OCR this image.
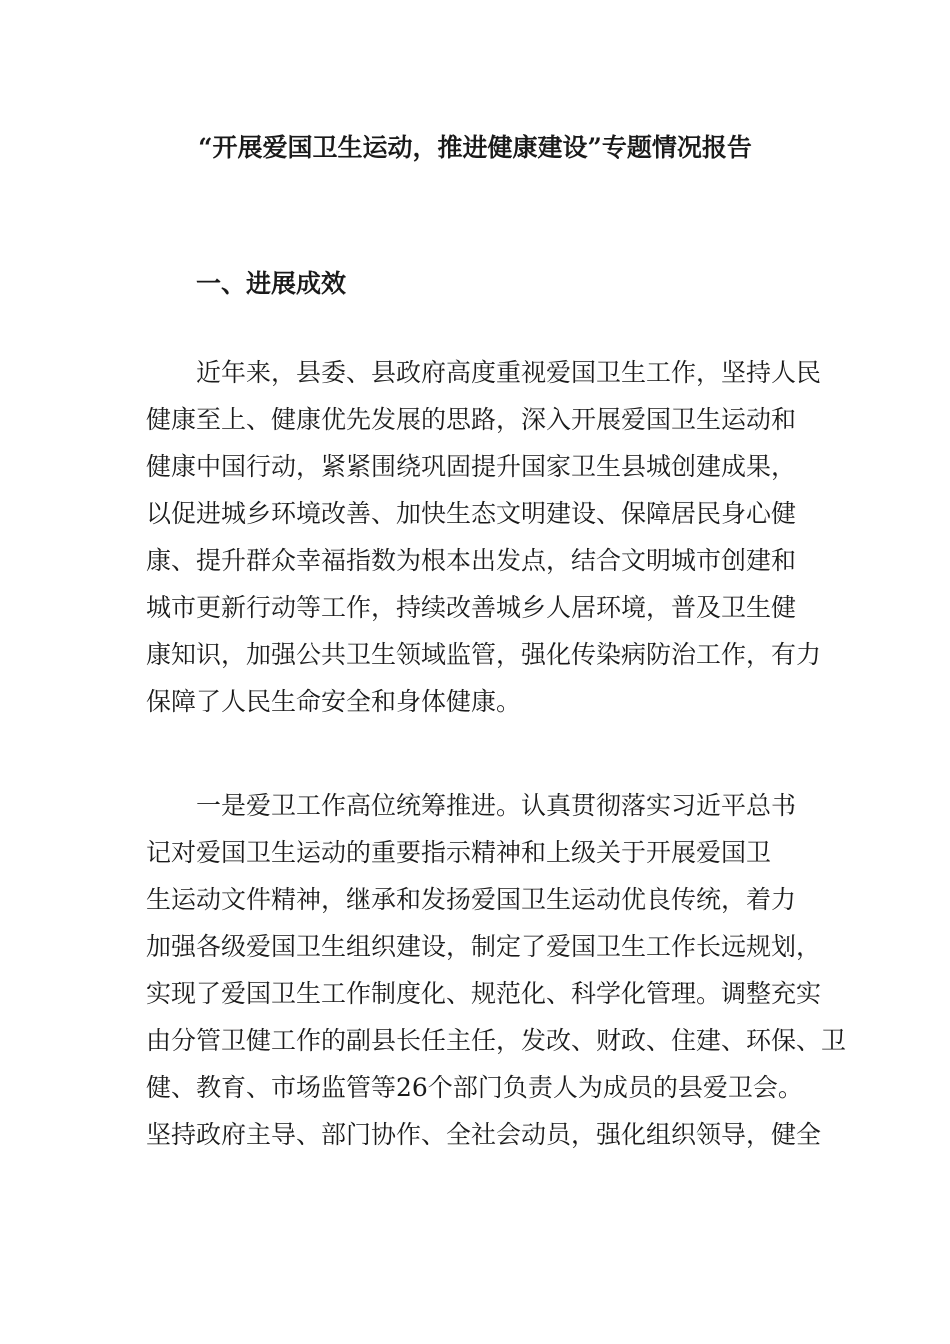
“开展爱国卫生运动，推进健康建设”专题情况报告
一、进展成效
近年来，县委、县政府高度重视爱国卫生工作，坚持人民
健康至上、健康优先发展的思路，深入开展爱国卫生运动和
健康中国行动，紧紧围绕巩固提升国家卫生县城创建成果，
以促进城乡环境改善、加快生态文明建设、保障居民身心健
康、提升群众幸福指数为根本出发点，结合文明城市创建和
城市更新行动等工作，持续改善城乡人居环境，普及卫生健
康知识，加强公共卫生领域监管，强化传染病防治工作，有力
保障了人民生命安全和身体健康。
一是爱卫工作高位统筹推进。认真贯彻落实习近平总书
记对爱国卫生运动的重要指示精神和上级关于开展爱国卫
生运动文件精神，继承和发扬爱国卫生运动优良传统，着力
加强各级爱国卫生组织建设，制定了爱国卫生工作长远规划，
实现了爱国卫生工作制度化、规范化、科学化管理。调整充实
由分管卫健工作的副县长任主任，发改、财政、住建、环保、卫
健、教育、市场监管等26个部门负责人为成员的县爱卫会。
坚持政府主导、部门协作、全社会动员，强化组织领导，健全
